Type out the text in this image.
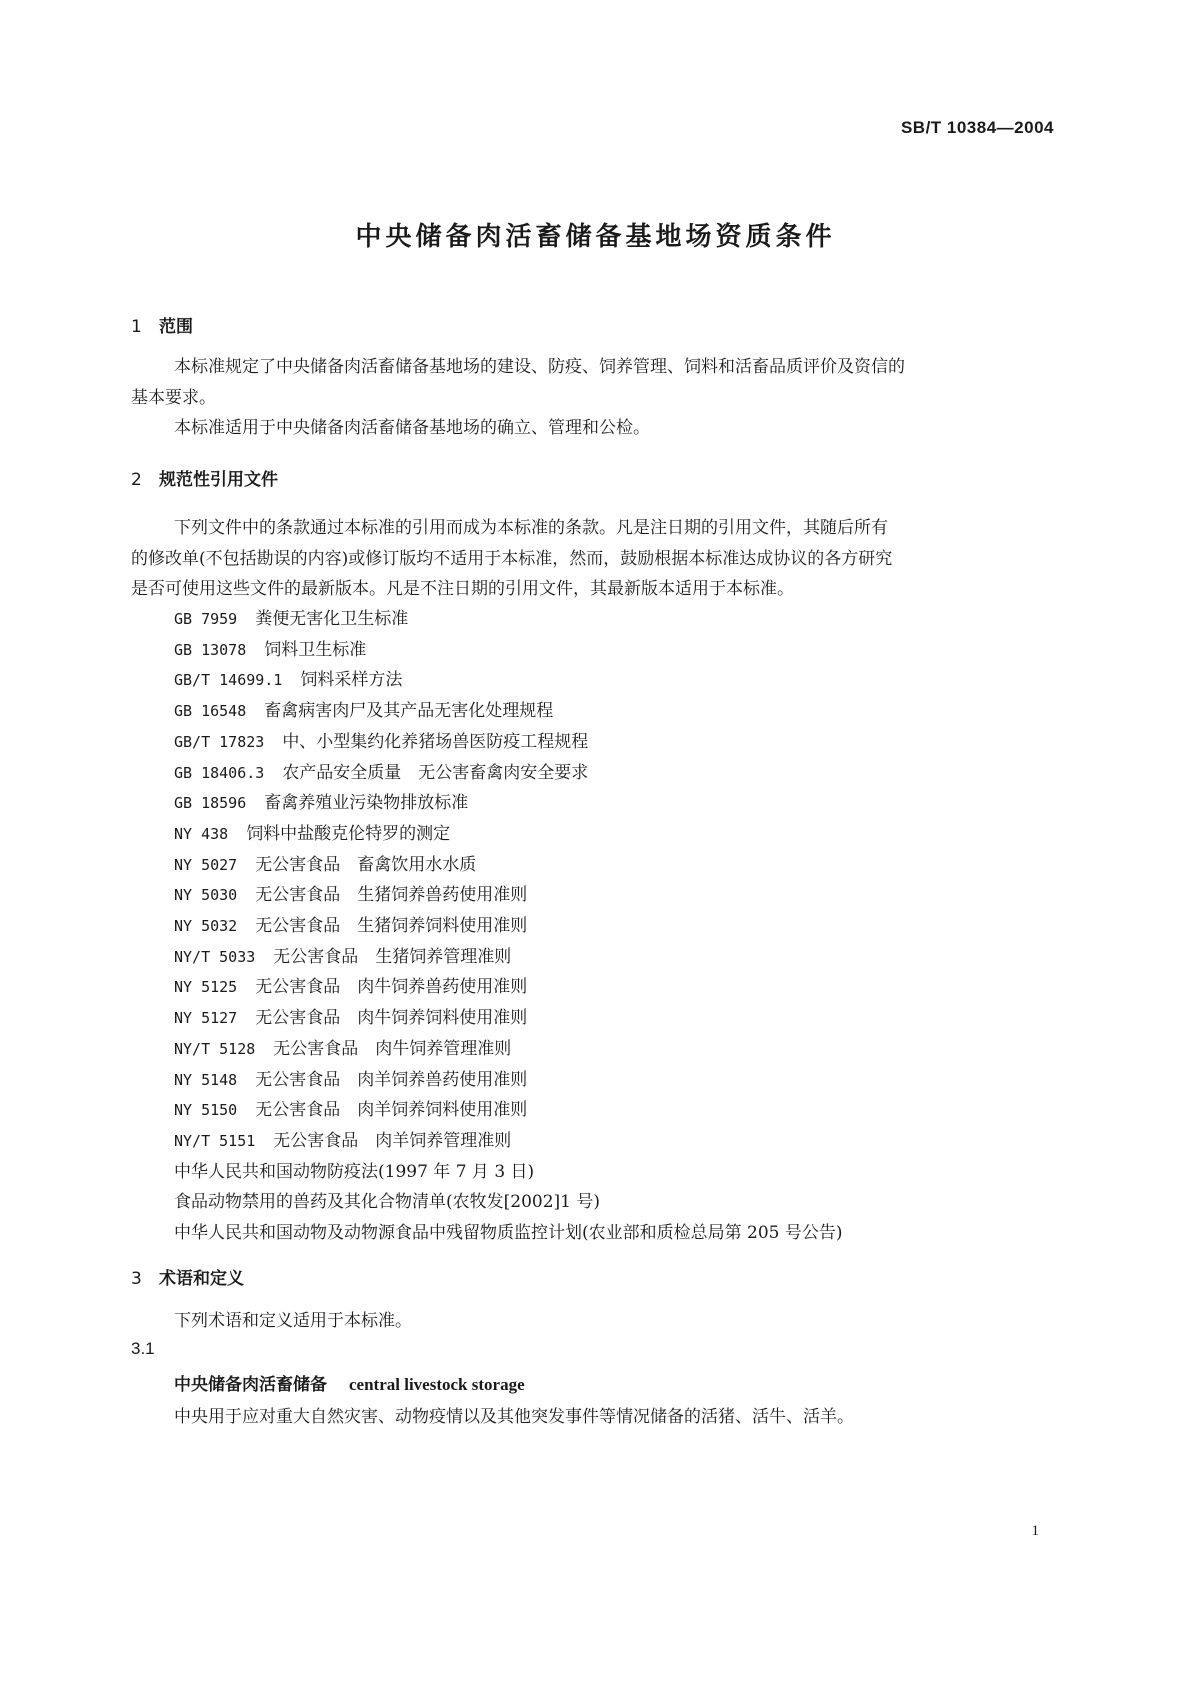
SB/T 10384—2004
中央储备肉活畜储备基地场资质条件
1 范围
本标准规定了中央储备肉活畜储备基地场的建设、防疫、饲养管理、饲料和活畜品质评价及资信的
基本要求。
本标准适用于中央储备肉活畜储备基地场的确立、管理和公检。
2 规范性引用文件
下列文件中的条款通过本标准的引用而成为本标准的条款。凡是注日期的引用文件，其随后所有
的修改单(不包括勘误的内容)或修订版均不适用于本标准，然而，鼓励根据本标准达成协议的各方研究
是否可使用这些文件的最新版本。凡是不注日期的引用文件，其最新版本适用于本标准。
GB 7959 粪便无害化卫生标准
GB 13078 饲料卫生标准
GB/T 14699.1 饲料采样方法
GB 16548 畜禽病害肉尸及其产品无害化处理规程
GB/T 17823 中、小型集约化养猪场兽医防疫工程规程
GB 18406.3 农产品安全质量　无公害畜禽肉安全要求
GB 18596 畜禽养殖业污染物排放标准
NY 438 饲料中盐酸克伦特罗的测定
NY 5027 无公害食品　畜禽饮用水水质
NY 5030 无公害食品　生猪饲养兽药使用准则
NY 5032 无公害食品　生猪饲养饲料使用准则
NY/T 5033 无公害食品　生猪饲养管理准则
NY 5125 无公害食品　肉牛饲养兽药使用准则
NY 5127 无公害食品　肉牛饲养饲料使用准则
NY/T 5128 无公害食品　肉牛饲养管理准则
NY 5148 无公害食品　肉羊饲养兽药使用准则
NY 5150 无公害食品　肉羊饲养饲料使用准则
NY/T 5151 无公害食品　肉羊饲养管理准则
中华人民共和国动物防疫法(1997 年 7 月 3 日)
食品动物禁用的兽药及其化合物清单(农牧发[2002]1 号)
中华人民共和国动物及动物源食品中残留物质监控计划(农业部和质检总局第 205 号公告)
3 术语和定义
下列术语和定义适用于本标准。
3.1
中央储备肉活畜储备 central livestock storage
中央用于应对重大自然灾害、动物疫情以及其他突发事件等情况储备的活猪、活牛、活羊。
1
